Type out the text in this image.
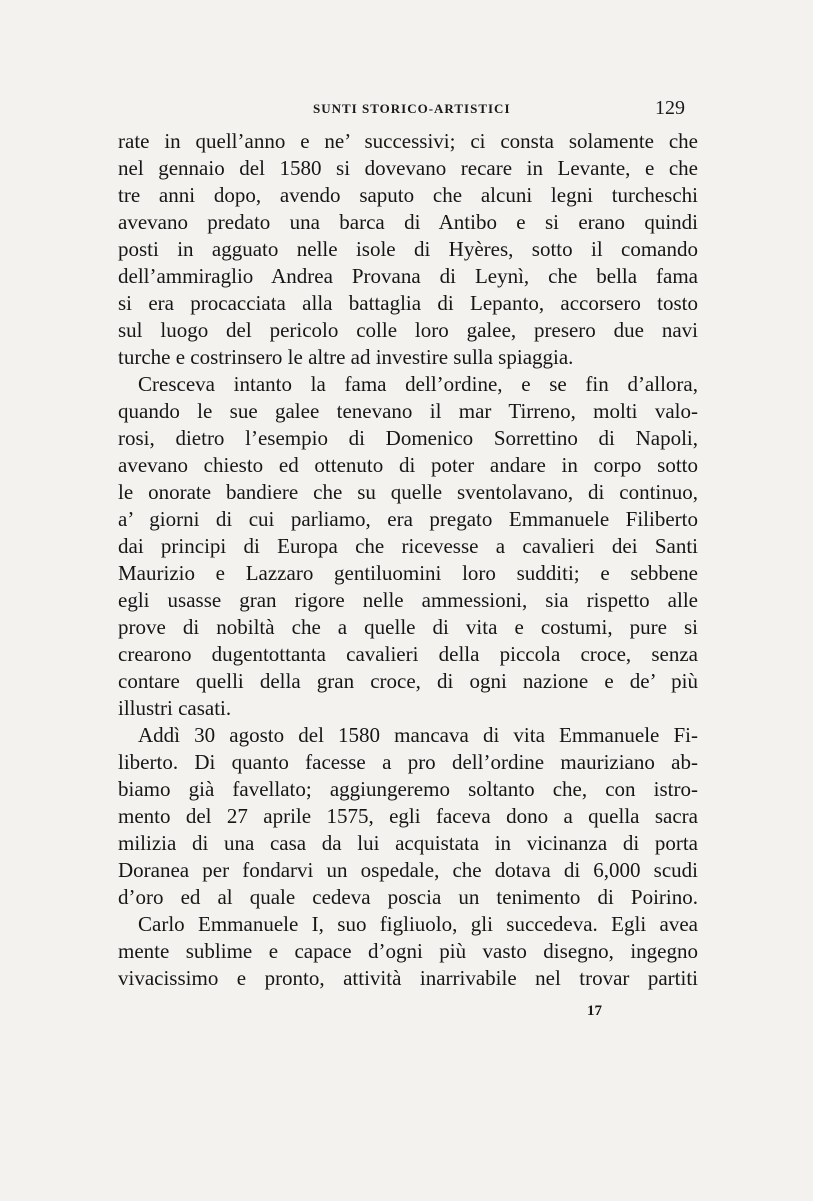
SUNTI STORICO-ARTISTICI	129
rate in quell’anno e ne’ successivi; ci consta solamente che
nel gennaio del 1580 si dovevano recare in Levante, e che
tre anni dopo, avendo saputo che alcuni legni turcheschi
avevano predato una barca di Antibo e si erano quindi
posti in agguato nelle isole di Hyères, sotto il comando
dell’ammiraglio Andrea Provana di Leynì, che bella fama
si era procacciata alla battaglia di Lepanto, accorsero tosto
sul luogo del pericolo colle loro galee, presero due navi
turche e costrinsero le altre ad investire sulla spiaggia.
Cresceva intanto la fama dell’ordine, e se fin d’allora,
quando le sue galee tenevano il mar Tirreno, molti valo-
rosi, dietro l’esempio di Domenico Sorrettino di Napoli,
avevano chiesto ed ottenuto di poter andare in corpo sotto
le onorate bandiere che su quelle sventolavano, di continuo,
a’ giorni di cui parliamo, era pregato Emmanuele Filiberto
dai principi di Europa che ricevesse a cavalieri dei Santi
Maurizio e Lazzaro gentiluomini loro sudditi; e sebbene
egli usasse gran rigore nelle ammessioni, sia rispetto alle
prove di nobiltà che a quelle di vita e costumi, pure si
crearono dugentottanta cavalieri della piccola croce, senza
contare quelli della gran croce, di ogni nazione e de’ più
illustri casati.
Addì 30 agosto del 1580 mancava di vita Emmanuele Fi-
liberto. Di quanto facesse a pro dell’ordine mauriziano ab-
biamo già favellato; aggiungeremo soltanto che, con istro-
mento del 27 aprile 1575, egli faceva dono a quella sacra
milizia di una casa da lui acquistata in vicinanza di porta
Doranea per fondarvi un ospedale, che dotava di 6,000 scudi
d’oro ed al quale cedeva poscia un tenimento di Poirino.
Carlo Emmanuele I, suo figliuolo, gli succedeva. Egli avea
mente sublime e capace d’ogni più vasto disegno, ingegno
vivacissimo e pronto, attività inarrivabile nel trovar partiti
17
